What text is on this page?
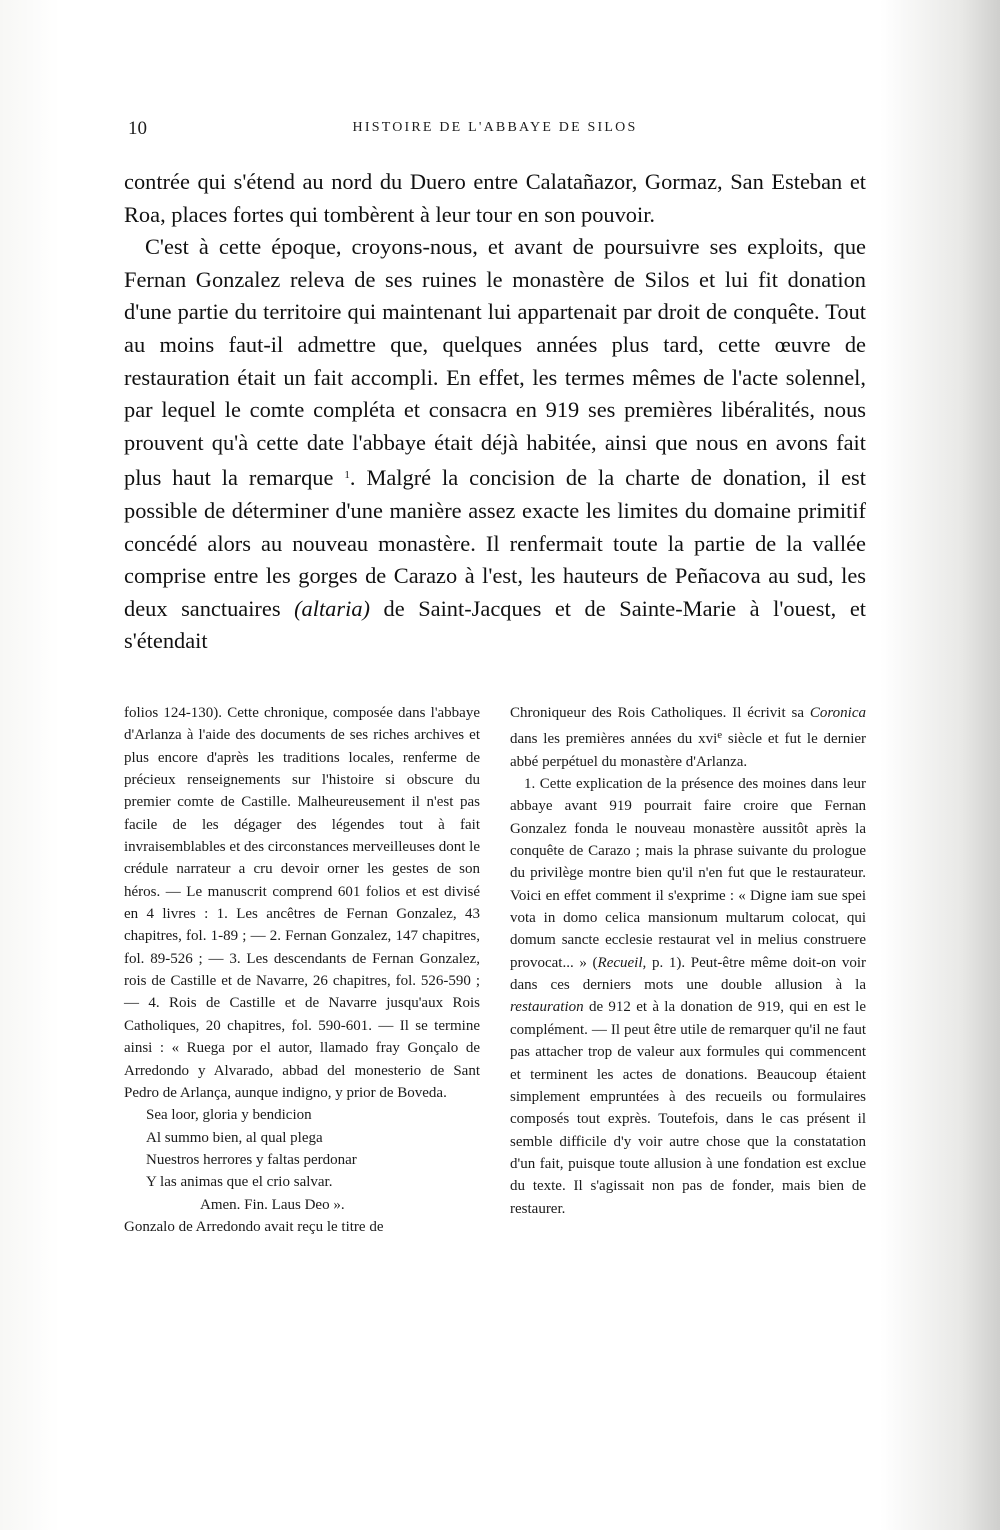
10	HISTOIRE DE L'ABBAYE DE SILOS

contrée qui s'étend au nord du Duero entre Calatañazor, Gormaz, San Esteban et Roa, places fortes qui tombèrent à leur tour en son pouvoir.

C'est à cette époque, croyons-nous, et avant de poursuivre ses exploits, que Fernan Gonzalez releva de ses ruines le monastère de Silos et lui fit donation d'une partie du territoire qui maintenant lui appartenait par droit de conquête. Tout au moins faut-il admettre que, quelques années plus tard, cette œuvre de restauration était un fait accompli. En effet, les termes mêmes de l'acte solennel, par lequel le comte compléta et consacra en 919 ses premières libéralités, nous prouvent qu'à cette date l'abbaye était déjà habitée, ainsi que nous en avons fait plus haut la remarque $^1$. Malgré la concision de la charte de donation, il est possible de déterminer d'une manière assez exacte les limites du domaine primitif concédé alors au nouveau monastère. Il renfermait toute la partie de la vallée comprise entre les gorges de Carazo à l'est, les hauteurs de Peñacova au sud, les deux sanctuaires (altaria) de Saint-Jacques et de Sainte-Marie à l'ouest, et s'étendait

folios 124-130). Cette chronique, composée dans l'abbaye d'Arlanza à l'aide des documents de ses riches archives et plus encore d'après les traditions locales, renferme de précieux renseignements sur l'histoire si obscure du premier comte de Castille. Malheureusement il n'est pas facile de les dégager des légendes tout à fait invraisemblables et des circonstances merveilleuses dont le crédule narrateur a cru devoir orner les gestes de son héros. — Le manuscrit comprend 601 folios et est divisé en 4 livres : 1. Les ancêtres de Fernan Gonzalez, 43 chapitres, fol. 1-89 ; — 2. Fernan Gonzalez, 147 chapitres, fol. 89-526 ; — 3. Les descendants de Fernan Gonzalez, rois de Castille et de Navarre, 26 chapitres, fol. 526-590 ; — 4. Rois de Castille et de Navarre jusqu'aux Rois Catholiques, 20 chapitres, fol. 590-601. — Il se termine ainsi : « Ruega por el autor, llamado fray Gonçalo de Arredondo y Alvarado, abbad del monesterio de Sant Pedro de Arlança, aunque indigno, y prior de Boveda.

Sea loor, gloria y bendicion
Al summo bien, al qual plega
Nuestros herrores y faltas perdonar
Y las animas que el crio salvar.
Amen. Fin. Laus Deo ».

Gonzalo de Arredondo avait reçu le titre de

Chroniqueur des Rois Catholiques. Il écrivit sa Coronica dans les premières années du xvi$^e$ siècle et fut le dernier abbé perpétuel du monastère d'Arlanza.

1. Cette explication de la présence des moines dans leur abbaye avant 919 pourrait faire croire que Fernan Gonzalez fonda le nouveau monastère aussitôt après la conquête de Carazo ; mais la phrase suivante du prologue du privilège montre bien qu'il n'en fut que le restaurateur. Voici en effet comment il s'exprime : « Digne iam sue spei vota in domo celica mansionum multarum colocat, qui domum sancte ecclesie restaurat vel in melius construere provocat... » (Recueil, p. 1). Peut-être même doit-on voir dans ces derniers mots une double allusion à la restauration de 912 et à la donation de 919, qui en est le complément. — Il peut être utile de remarquer qu'il ne faut pas attacher trop de valeur aux formules qui commencent et terminent les actes de donations. Beaucoup étaient simplement empruntées à des recueils ou formulaires composés tout exprès. Toutefois, dans le cas présent il semble difficile d'y voir autre chose que la constatation d'un fait, puisque toute allusion à une fondation est exclue du texte. Il s'agissait non pas de fonder, mais bien de restaurer.
